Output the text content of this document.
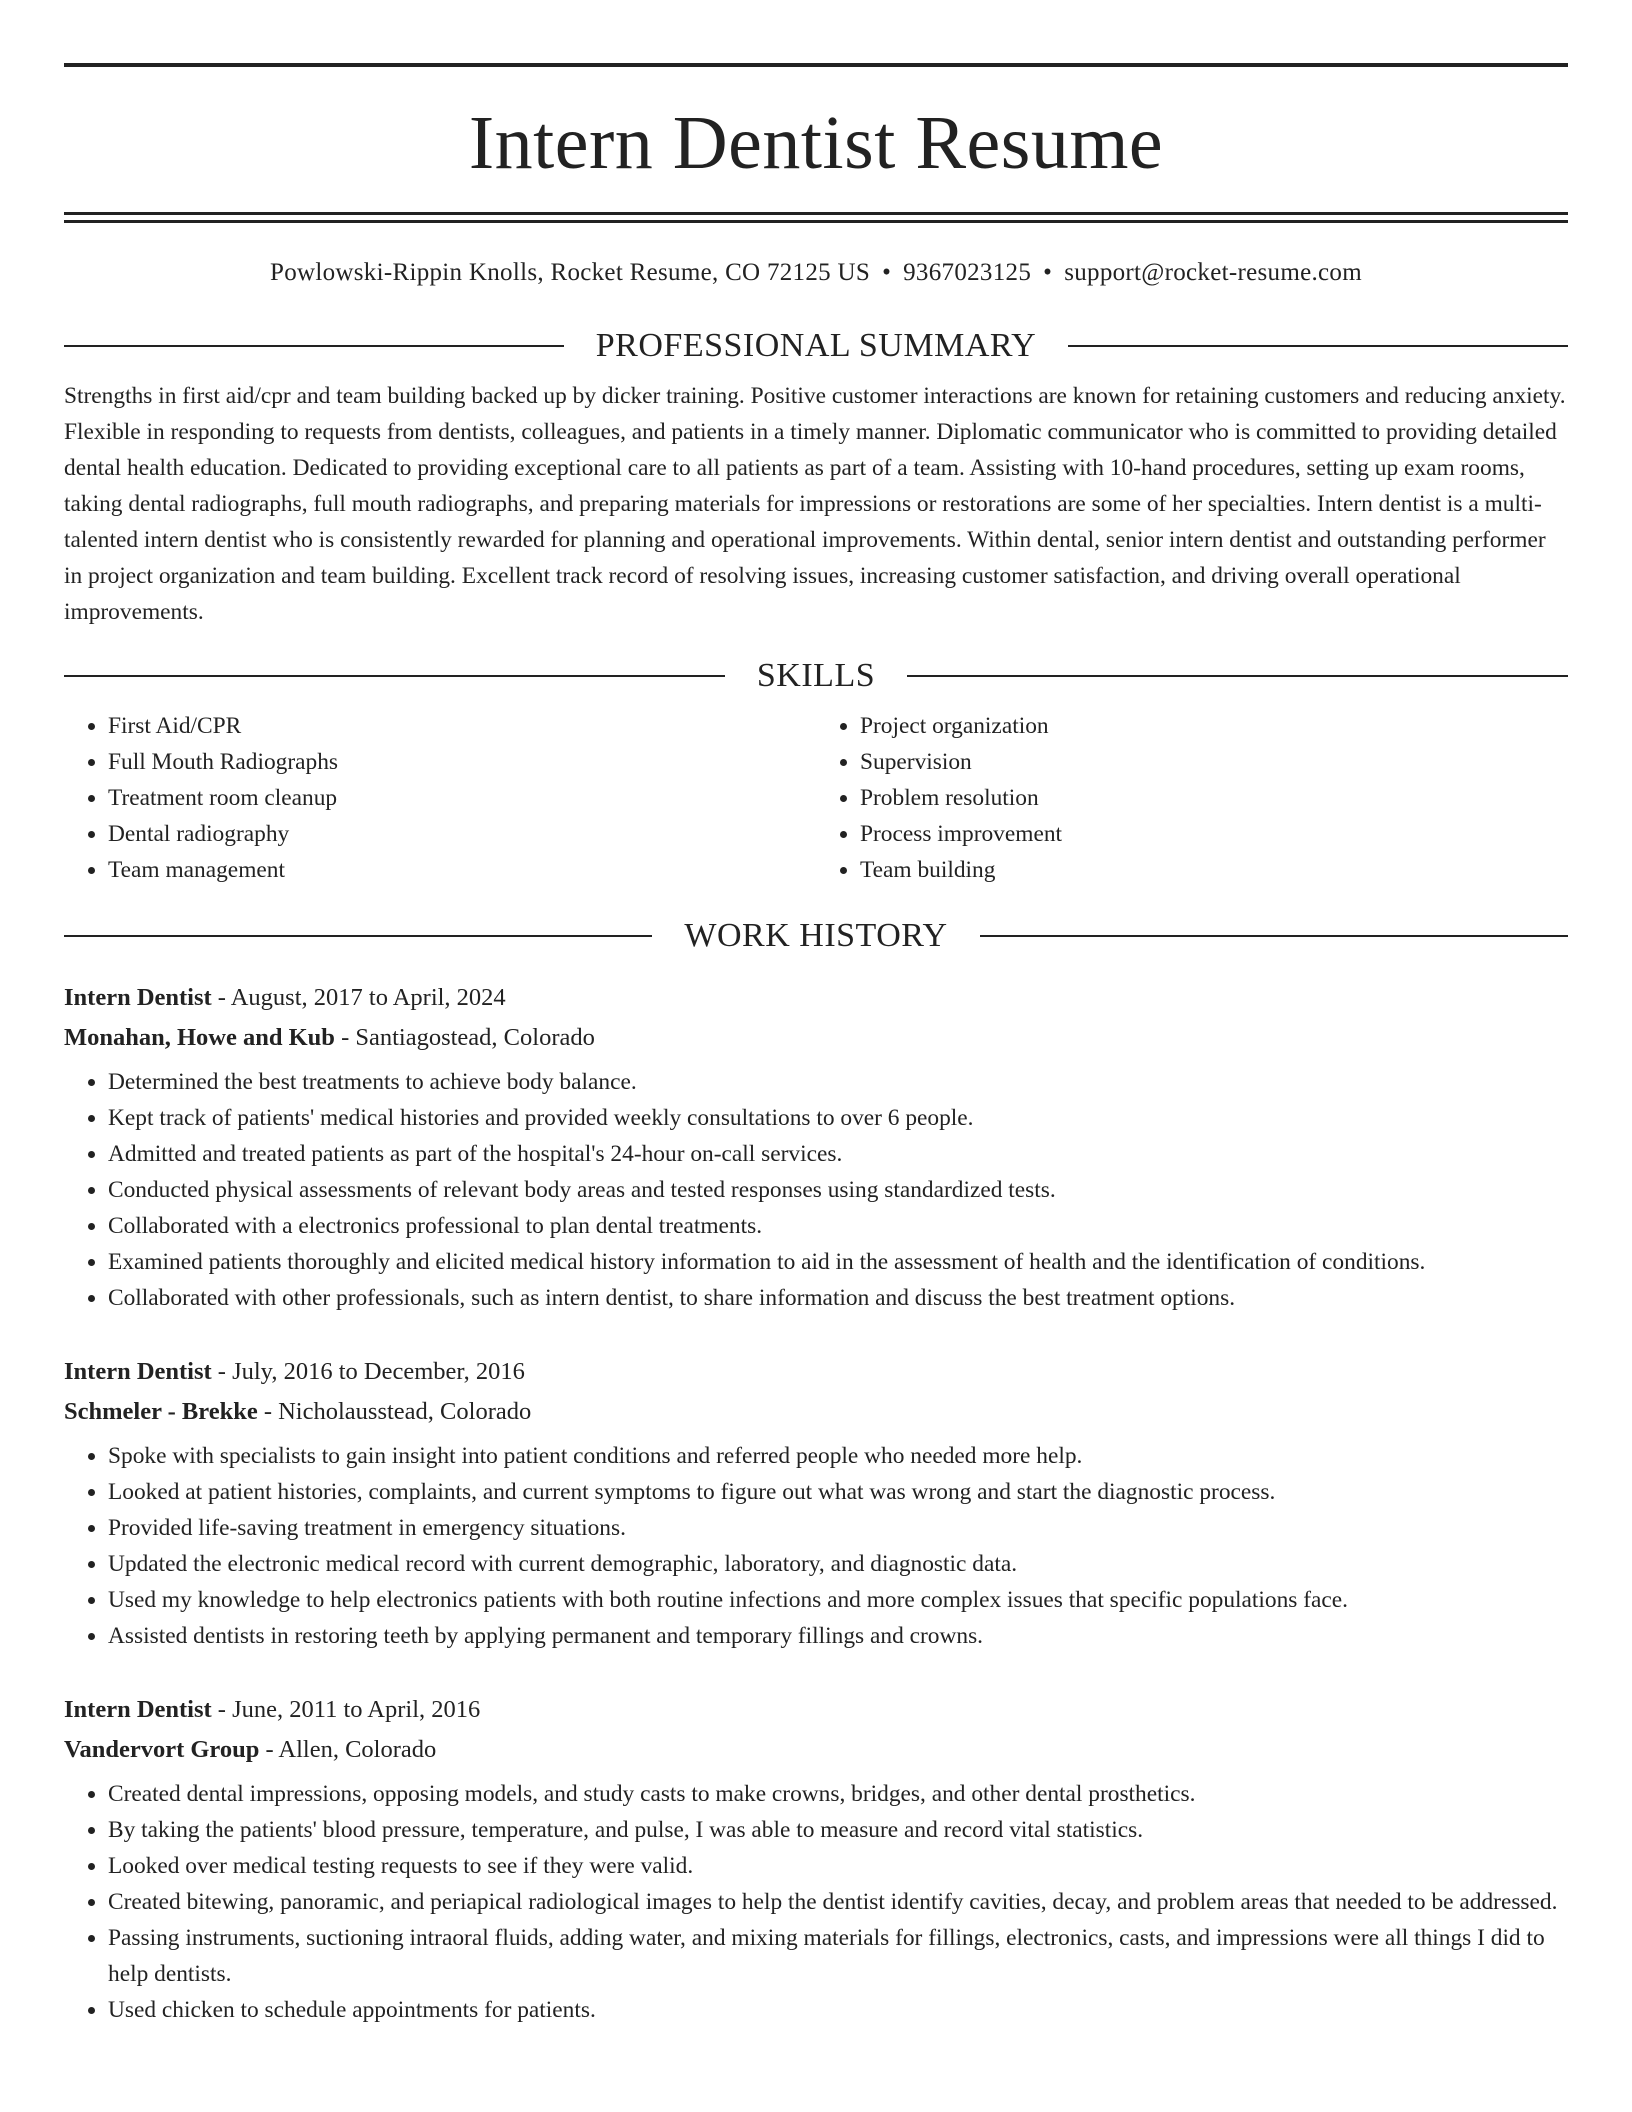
Intern Dentist Resume
Powlowski-Rippin Knolls, Rocket Resume, CO 72125 US • 9367023125 • support@rocket-resume.com
PROFESSIONAL SUMMARY
Strengths in first aid/cpr and team building backed up by dicker training. Positive customer interactions are known for retaining customers and reducing anxiety. Flexible in responding to requests from dentists, colleagues, and patients in a timely manner. Diplomatic communicator who is committed to providing detailed dental health education. Dedicated to providing exceptional care to all patients as part of a team. Assisting with 10-hand procedures, setting up exam rooms, taking dental radiographs, full mouth radiographs, and preparing materials for impressions or restorations are some of her specialties. Intern dentist is a multi-talented intern dentist who is consistently rewarded for planning and operational improvements. Within dental, senior intern dentist and outstanding performer in project organization and team building. Excellent track record of resolving issues, increasing customer satisfaction, and driving overall operational improvements.
SKILLS
• First Aid/CPR
• Full Mouth Radiographs
• Treatment room cleanup
• Dental radiography
• Team management
• Project organization
• Supervision
• Problem resolution
• Process improvement
• Team building
WORK HISTORY
Intern Dentist - August, 2017 to April, 2024
Monahan, Howe and Kub - Santiagostead, Colorado
• Determined the best treatments to achieve body balance.
• Kept track of patients' medical histories and provided weekly consultations to over 6 people.
• Admitted and treated patients as part of the hospital's 24-hour on-call services.
• Conducted physical assessments of relevant body areas and tested responses using standardized tests.
• Collaborated with a electronics professional to plan dental treatments.
• Examined patients thoroughly and elicited medical history information to aid in the assessment of health and the identification of conditions.
• Collaborated with other professionals, such as intern dentist, to share information and discuss the best treatment options.
Intern Dentist - July, 2016 to December, 2016
Schmeler - Brekke - Nicholausstead, Colorado
• Spoke with specialists to gain insight into patient conditions and referred people who needed more help.
• Looked at patient histories, complaints, and current symptoms to figure out what was wrong and start the diagnostic process.
• Provided life-saving treatment in emergency situations.
• Updated the electronic medical record with current demographic, laboratory, and diagnostic data.
• Used my knowledge to help electronics patients with both routine infections and more complex issues that specific populations face.
• Assisted dentists in restoring teeth by applying permanent and temporary fillings and crowns.
Intern Dentist - June, 2011 to April, 2016
Vandervort Group - Allen, Colorado
• Created dental impressions, opposing models, and study casts to make crowns, bridges, and other dental prosthetics.
• By taking the patients' blood pressure, temperature, and pulse, I was able to measure and record vital statistics.
• Looked over medical testing requests to see if they were valid.
• Created bitewing, panoramic, and periapical radiological images to help the dentist identify cavities, decay, and problem areas that needed to be addressed.
• Passing instruments, suctioning intraoral fluids, adding water, and mixing materials for fillings, electronics, casts, and impressions were all things I did to help dentists.
• Used chicken to schedule appointments for patients.
